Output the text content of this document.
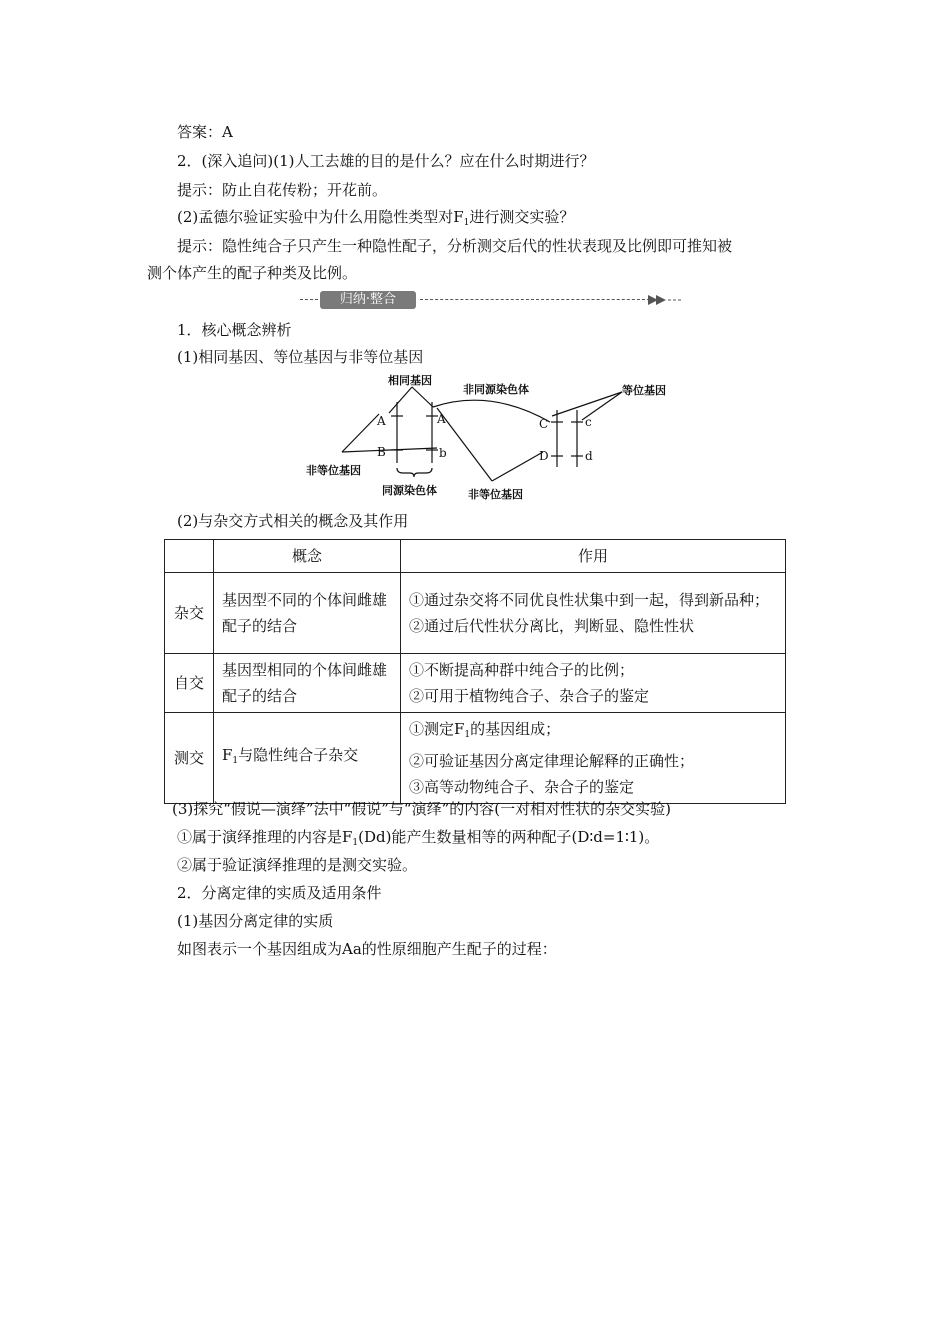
答案：A
2．(深入追问)(1)人工去雄的目的是什么？应在什么时期进行？
提示：防止自花传粉；开花前。
(2)孟德尔验证实验中为什么用隐性类型对$F_1$进行测交实验？
提示：隐性纯合子只产生一种隐性配子，分析测交后代的性状表现及比例即可推知被
测个体产生的配子种类及比例。
归纳·整合
1．核心概念辨析
(1)相同基因、等位基因与非等位基因
相同基因
非同源染色体	等位基因
非等位基因
同源染色体	非等位基因
A	A
B	b
C	c
D	d
(2)与杂交方式相关的概念及其作用
	概念	作用
杂交	基因型不同的个体间雌雄配子的结合	①通过杂交将不同优良性状集中到一起，得到新品种；
②通过后代性状分离比，判断显、隐性性状

自交	基因型相同的个体间雌雄配子的结合	①不断提高种群中纯合子的比例；
②可用于植物纯合子、杂合子的鉴定

测交	$F_1$与隐性纯合子杂交	①测定$F_1$的基因组成；
②可验证基因分离定律理论解释的正确性；
③高等动物纯合子、杂合子的鉴定
(3)探究“假说—演绎”法中“假说”与“演绎”的内容(一对相对性状的杂交实验)
①属于演绎推理的内容是$F_1(Dd)$能产生数量相等的两种配子(D∶d=1∶1)。
②属于验证演绎推理的是测交实验。
2．分离定律的实质及适用条件
(1)基因分离定律的实质
如图表示一个基因组成为Aa的性原细胞产生配子的过程：
